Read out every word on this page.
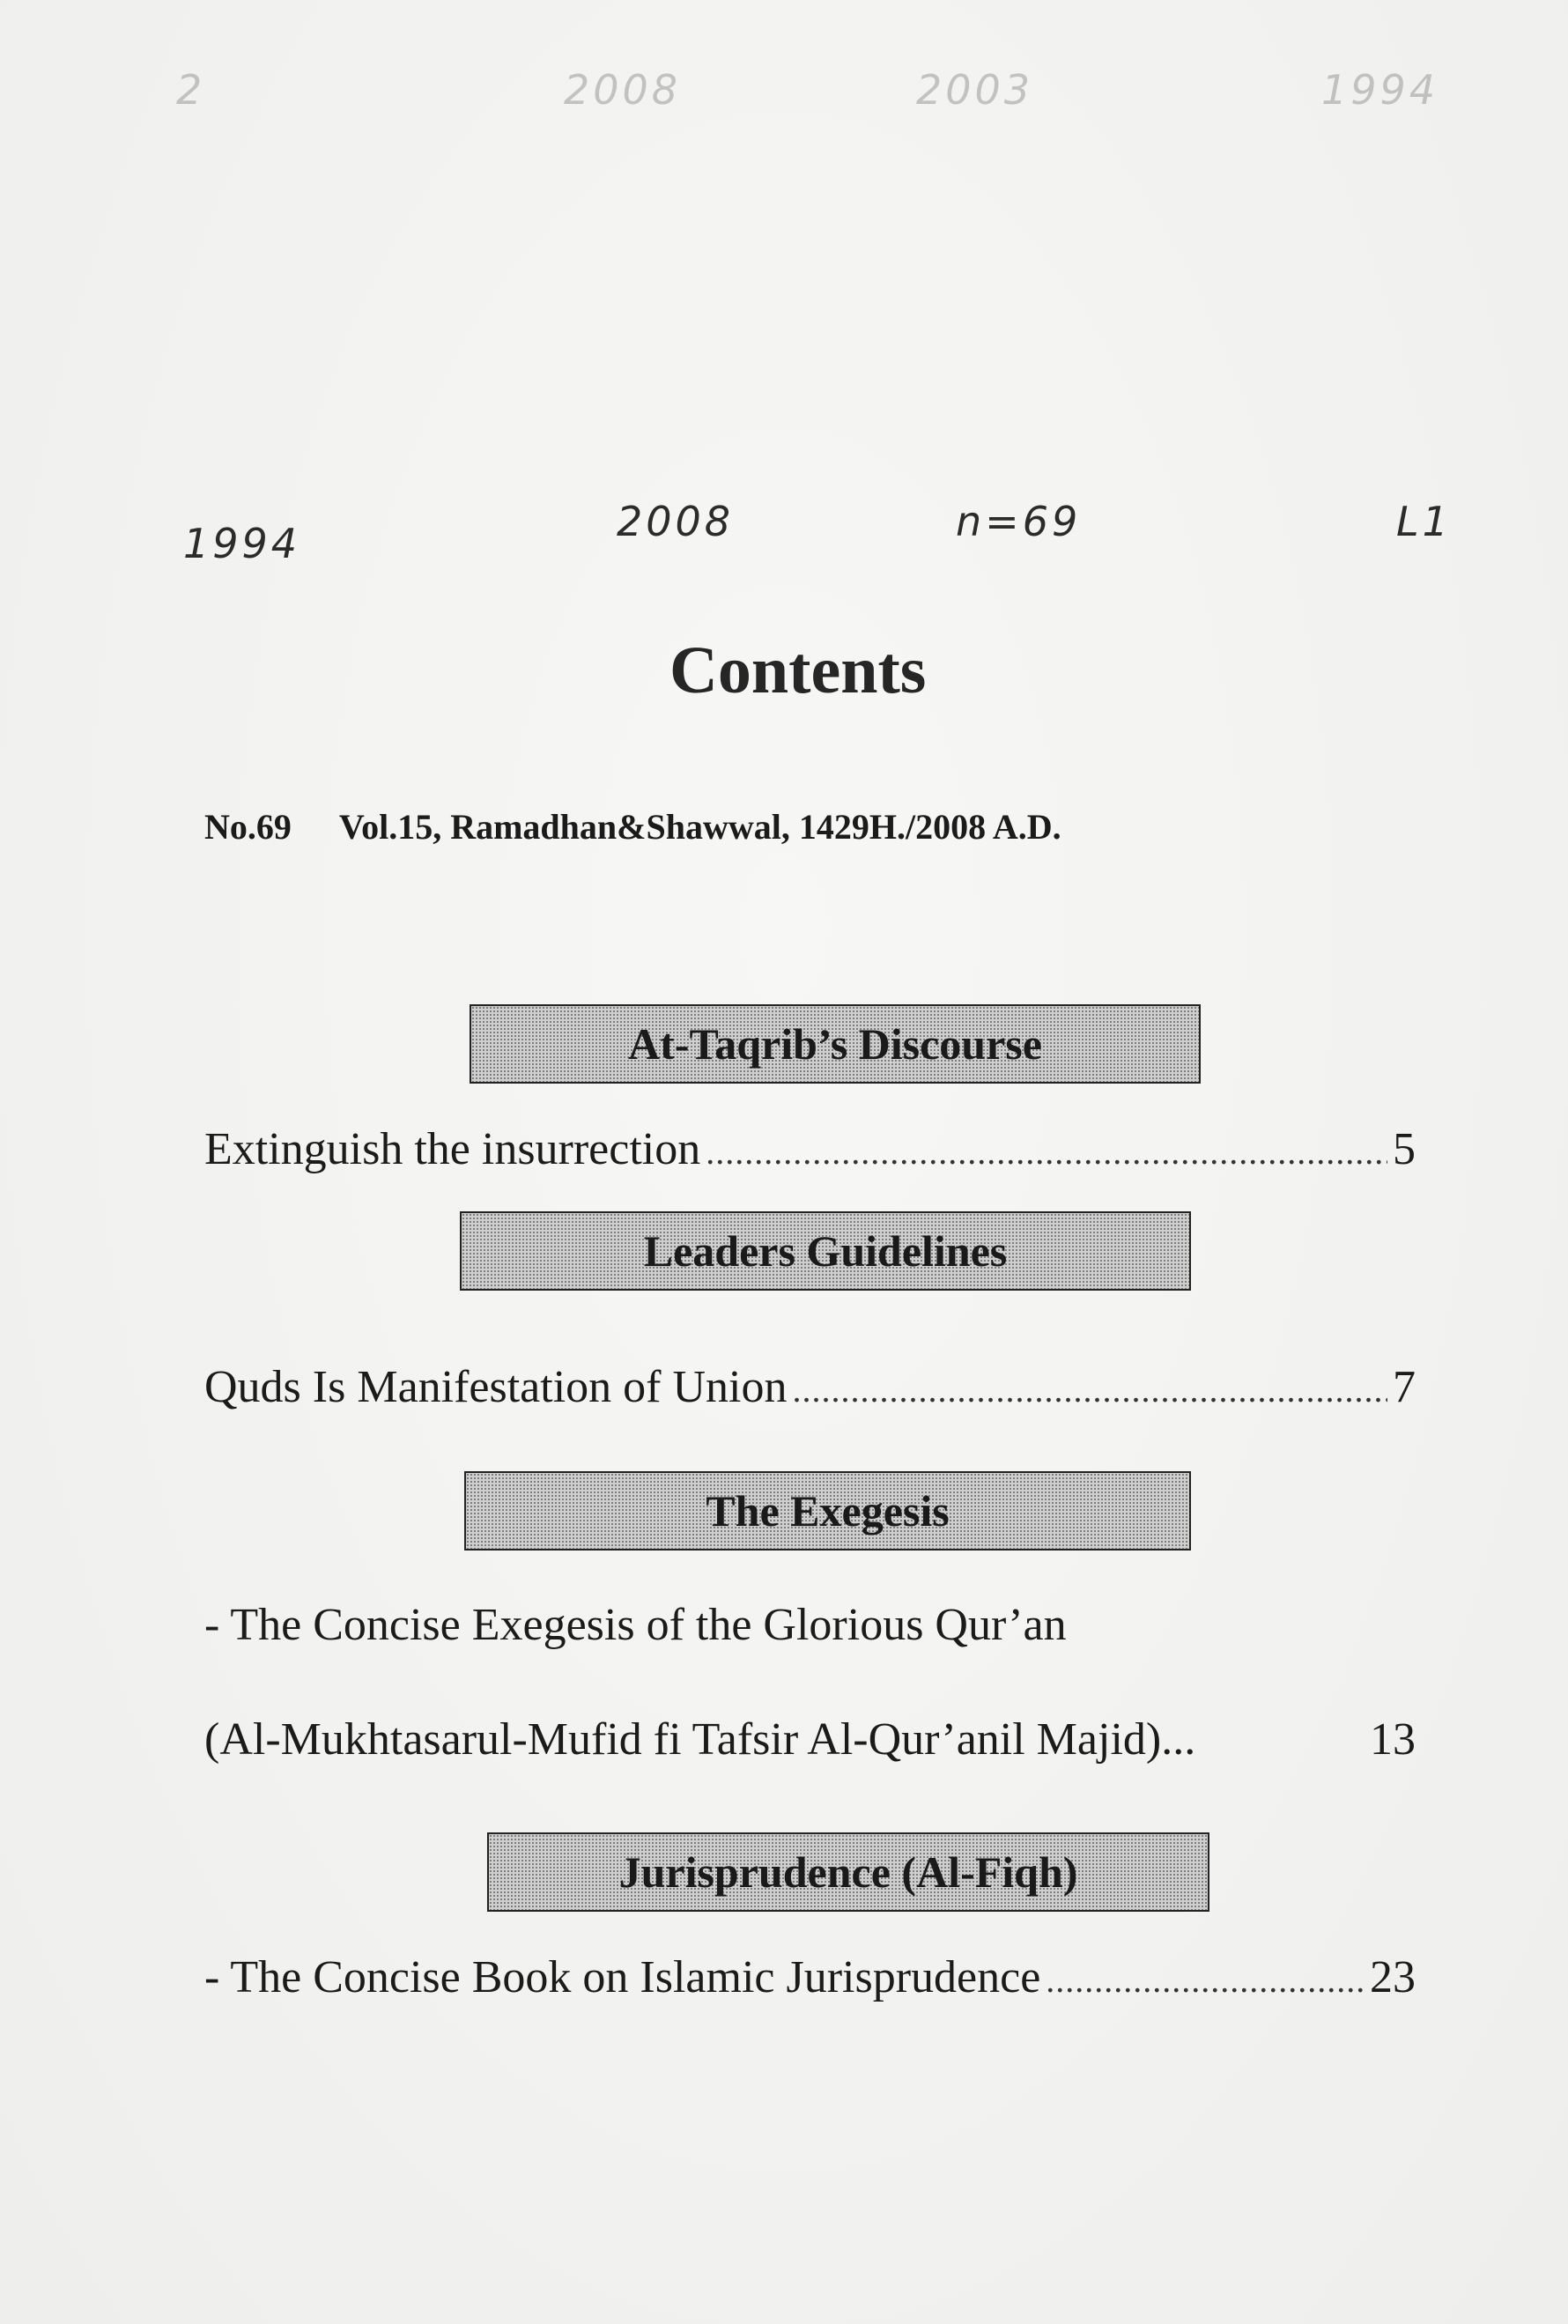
2	2008	2003	1994
1994	2008	n=69	L1
Contents
No.69 Vol.15, Ramadhan&Shawwal, 1429H./2008 A.D.
At-Taqrib’s Discourse
Extinguish the insurrection .....	5
Leaders Guidelines
Quds Is Manifestation of Union .....	7
The Exegesis
- The Concise Exegesis of the Glorious Qur’an
(Al-Mukhtasarul-Mufid fi Tafsir Al-Qur’anil Majid) ...	13
Jurisprudence (Al-Fiqh)
- The Concise Book on Islamic Jurisprudence .....	23
